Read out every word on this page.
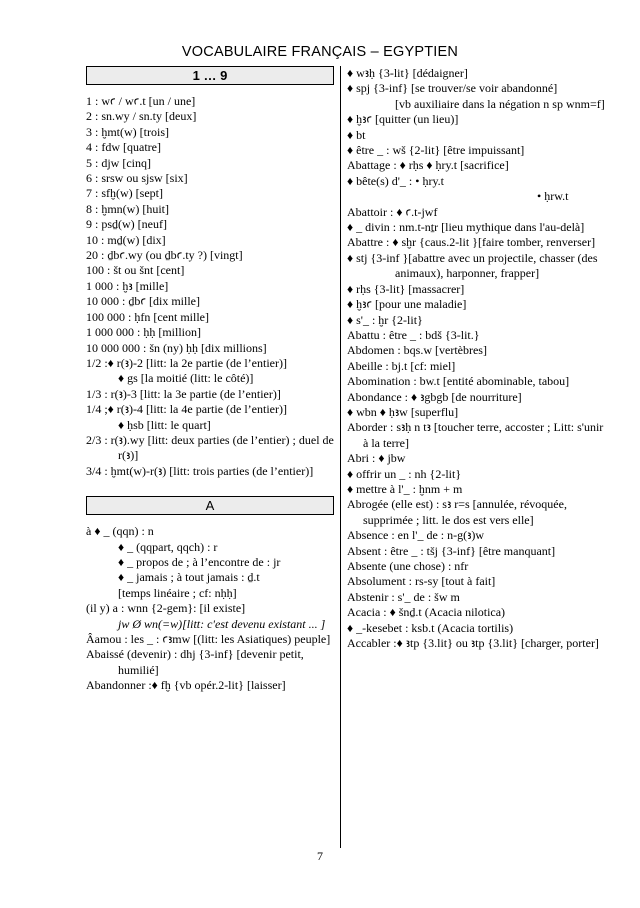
VOCABULAIRE FRANÇAIS – EGYPTIEN
1 … 9
1 : wꜥ / wꜥ.t [un / une]
2 : sn.wy / sn.ty [deux]
3 : ḫmt(w) [trois]
4 : fdw [quatre]
5 : djw [cinq]
6 : srsw ou sjsw [six]
7 : sfḫ(w) [sept]
8 : ḫmn(w) [huit]
9 : psḏ(w) [neuf]
10 : mḏ(w) [dix]
20 : ḏbꜥ.wy (ou ḏbꜥ.ty ?) [vingt]
100 : št ou šnt [cent]
1 000 : ḫꜣ [mille]
10 000 : ḏbꜥ [dix mille]
100 000 : ḥfn [cent mille]
1 000 000 : ḥḥ [million]
10 000 000 : šn (ny) ḥḥ [dix millions]
1/2 :♦ r(ꜣ)-2 [litt: la 2e partie (de l’entier)]
♦ gs [la moitié (litt: le côté)]
1/3 : r(ꜣ)-3 [litt: la 3e partie (de l’entier)]
1/4 ;♦ r(ꜣ)-4 [litt: la 4e partie (de l’entier)]
♦ ḥsb [litt: le quart]
2/3 : r(ꜣ).wy [litt: deux parties (de l’entier) ; duel de r(ꜣ)]
3/4 : ḫmt(w)-r(ꜣ) [litt: trois parties (de l’entier)]
A
à ♦ _ (qqn) : n
♦ _ (qqpart, qqch) : r
♦ _ propos de ; à l’encontre de : jr
♦ _ jamais ; à tout jamais : ḏ.t
[temps linéaire ; cf: nḥḥ]
(il y) a : wnn {2-gem}: [il existe]
jw Ø wn(=w)[litt: c'est devenu existant ... ]
Âamou : les _ : ꜥꜣmw [(litt: les Asiatiques) peuple]
Abaissé (devenir) : dhj {3-inf} [devenir petit, humilié]
Abandonner :♦ fḫ {vb opér.2-lit} [laisser]
♦ wꜣḥ {3-lit} [dédaigner]
♦ spj {3-inf} [se trouver/se voir abandonné]
[vb auxiliaire dans la négation n sp wnm=f]
♦ ḫꜣꜥ [quitter (un lieu)]
♦ bt
♦ être _ : wš {2-lit} [être impuissant]
Abattage : ♦ rḥs ♦ ḥry.t [sacrifice]
♦ bête(s) d'_ : • ḥry.t
• ḥrw.t
Abattoir : ♦ ꜥ.t-jwf
♦ _ divin : nm.t-nṯr [lieu mythique dans l'au-delà]
Abattre : ♦ sḫr {caus.2-lit }[faire tomber, renverser]
♦ stj {3-inf }[abattre avec un projectile, chasser (des animaux), harponner, frapper]
♦ rḥs {3-lit} [massacrer]
♦ ḫꜣꜥ [pour une maladie]
♦ s'_ : ḫr {2-lit}
Abattu : être _ : bdš {3-lit.}
Abdomen : bqs.w [vertèbres]
Abeille : bj.t [cf: miel]
Abomination : bw.t [entité abominable, tabou]
Abondance : ♦ ꜣgbgb [de nourriture]
♦ wbn ♦ ḥꜣw [superflu]
Aborder : sꜣḥ n tꜣ [toucher terre, accoster ; Litt: s'unir à la terre]
Abri : ♦ jbw
♦ offrir un _ : nh {2-lit}
♦ mettre à l'_ : ḫnm + m
Abrogée (elle est) : sꜣ r=s [annulée, révoquée, supprimée ; litt. le dos est vers elle]
Absence : en l'_ de : n-g(ꜣ)w
Absent : être _ : tšj {3-inf} [être manquant]
Absente (une chose) : nfr
Absolument : rs-sy [tout à fait]
Abstenir : s'_ de : šw m
Acacia : ♦ šnḏ.t (Acacia nilotica)
♦ _-kesebet : ksb.t (Acacia tortilis)
Accabler :♦ ꜣtp {3.lit} ou ꜣtp {3.lit} [charger, porter]
7
